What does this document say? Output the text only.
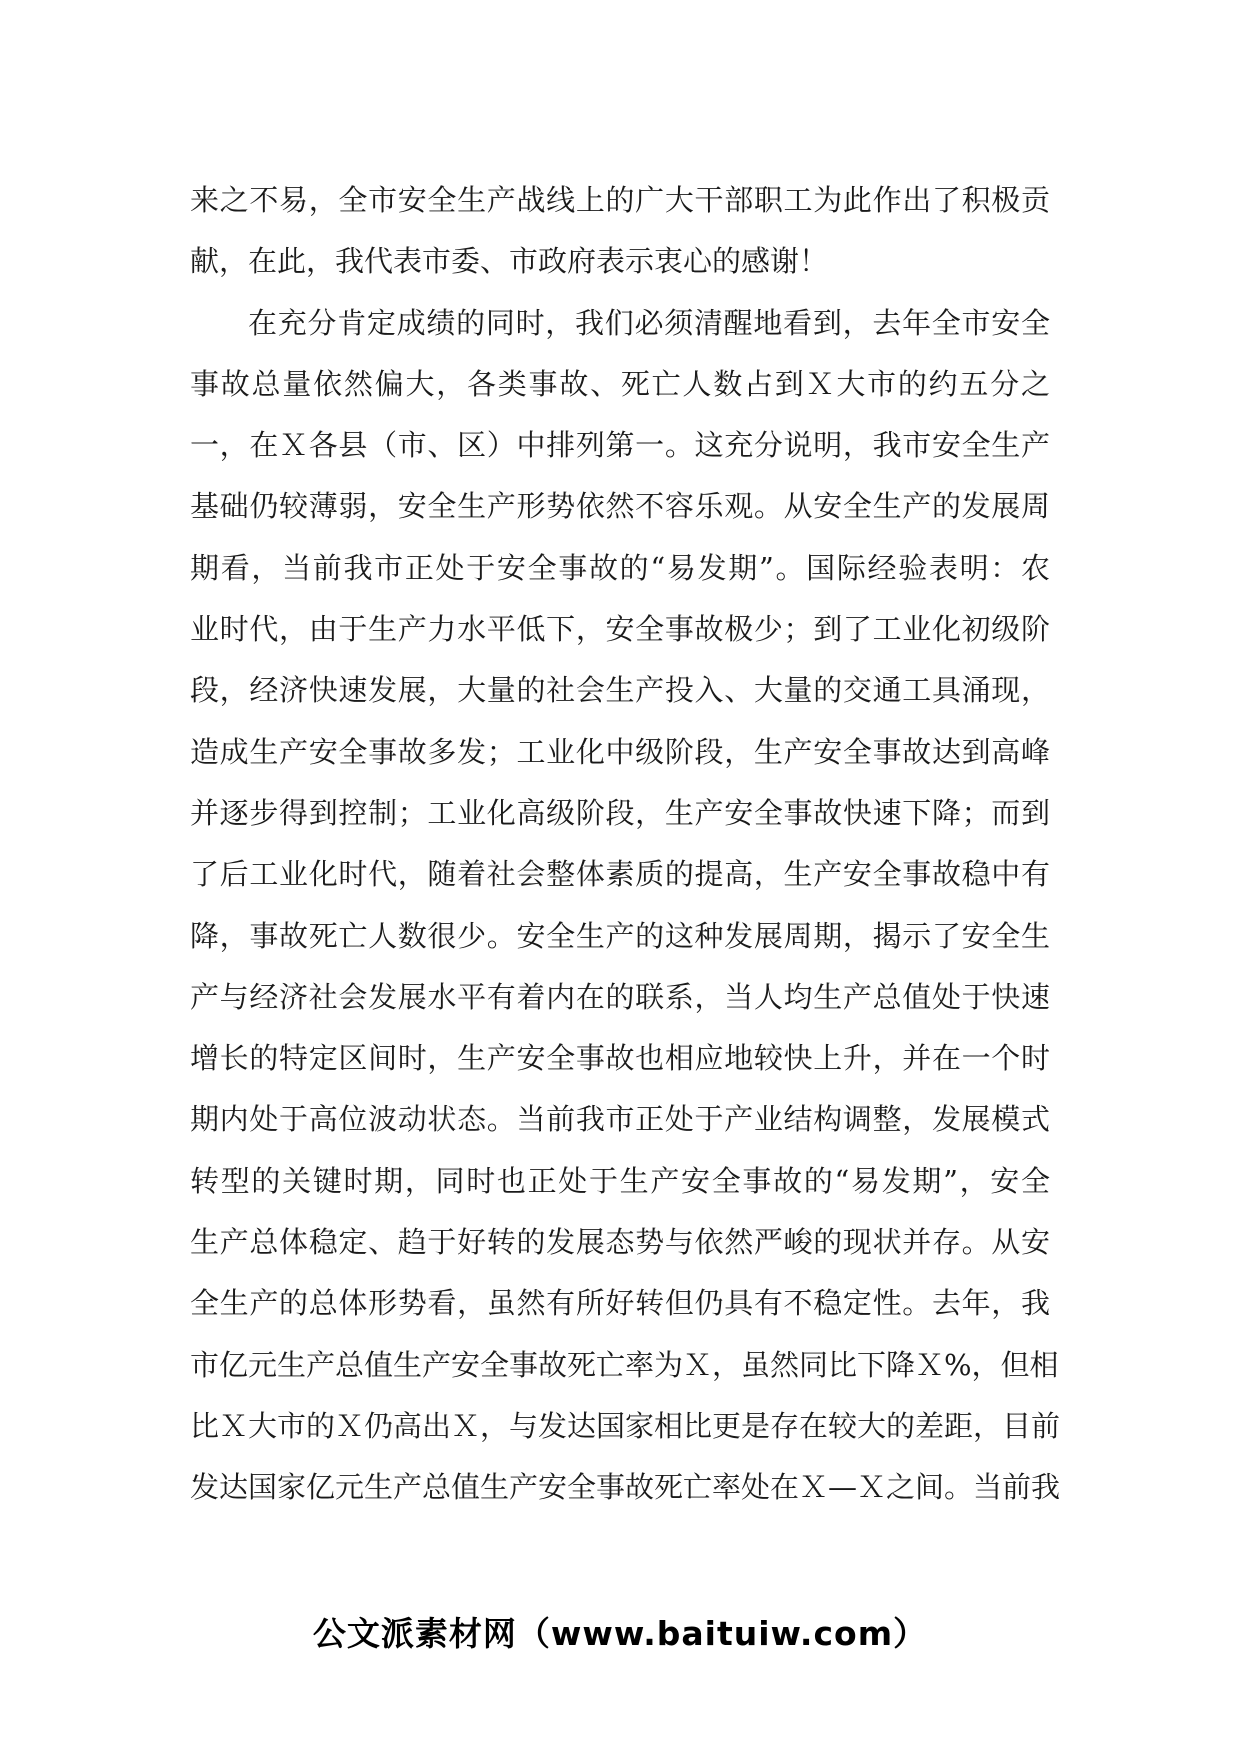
来之不易，全市安全生产战线上的广大干部职工为此作出了积极贡
献，在此，我代表市委、市政府表示衷心的感谢！
在充分肯定成绩的同时，我们必须清醒地看到，去年全市安全
事故总量依然偏大，各类事故、死亡人数占到Ｘ大市的约五分之
一，在Ｘ各县（市、区）中排列第一。这充分说明，我市安全生产
基础仍较薄弱，安全生产形势依然不容乐观。从安全生产的发展周
期看，当前我市正处于安全事故的“易发期”。国际经验表明：农
业时代，由于生产力水平低下，安全事故极少；到了工业化初级阶
段，经济快速发展，大量的社会生产投入、大量的交通工具涌现，
造成生产安全事故多发；工业化中级阶段，生产安全事故达到高峰
并逐步得到控制；工业化高级阶段，生产安全事故快速下降；而到
了后工业化时代，随着社会整体素质的提高，生产安全事故稳中有
降，事故死亡人数很少。安全生产的这种发展周期，揭示了安全生
产与经济社会发展水平有着内在的联系，当人均生产总值处于快速
增长的特定区间时，生产安全事故也相应地较快上升，并在一个时
期内处于高位波动状态。当前我市正处于产业结构调整，发展模式
转型的关键时期，同时也正处于生产安全事故的“易发期”，安全
生产总体稳定、趋于好转的发展态势与依然严峻的现状并存。从安
全生产的总体形势看，虽然有所好转但仍具有不稳定性。去年，我
市亿元生产总值生产安全事故死亡率为Ｘ，虽然同比下降Ｘ%，但相
比Ｘ大市的Ｘ仍高出Ｘ，与发达国家相比更是存在较大的差距，目前
发达国家亿元生产总值生产安全事故死亡率处在Ｘ—Ｘ之间。当前我
公文派素材网（www.baituiw.com）
